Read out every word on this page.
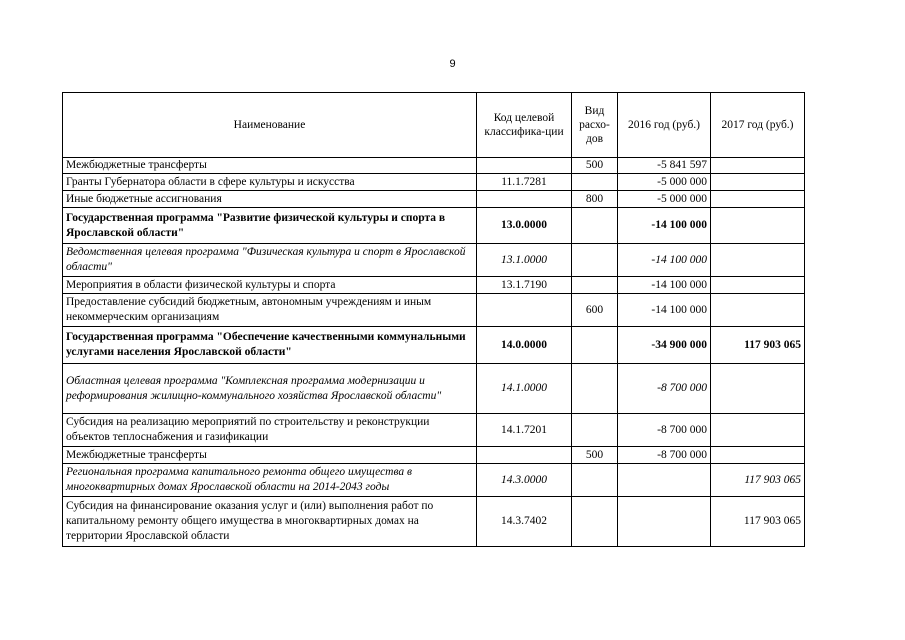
9
Наименование	Код целевой классифика-ции	Вид расхо-дов	2016 год (руб.)	2017 год (руб.)
Межбюджетные трансферты		500	-5 841 597	
Гранты Губернатора области в сфере культуры и искусства	11.1.7281		-5 000 000	
Иные бюджетные ассигнования		800	-5 000 000	
Государственная программа "Развитие физической культуры и спорта в Ярославской области"	13.0.0000		-14 100 000	
Ведомственная целевая программа "Физическая культура и спорт в Ярославской области"	13.1.0000		-14 100 000	
Мероприятия в области физической культуры и спорта	13.1.7190		-14 100 000	
Предоставление субсидий бюджетным, автономным учреждениям и иным некоммерческим организациям		600	-14 100 000	
Государственная программа "Обеспечение качественными коммунальными услугами населения Ярославской области"	14.0.0000		-34 900 000	117 903 065
Областная целевая программа "Комплексная программа модернизации и реформирования жилищно-коммунального хозяйства Ярославской области"	14.1.0000		-8 700 000	
Субсидия на реализацию мероприятий по строительству и реконструкции объектов теплоснабжения и газификации	14.1.7201		-8 700 000	
Межбюджетные трансферты		500	-8 700 000	
Региональная программа капитального ремонта общего имущества в многоквартирных домах Ярославской области на 2014-2043 годы	14.3.0000			117 903 065
Субсидия на финансирование оказания услуг и (или) выполнения работ по капитальному ремонту общего имущества в многоквартирных домах на территории Ярославской области	14.3.7402			117 903 065
